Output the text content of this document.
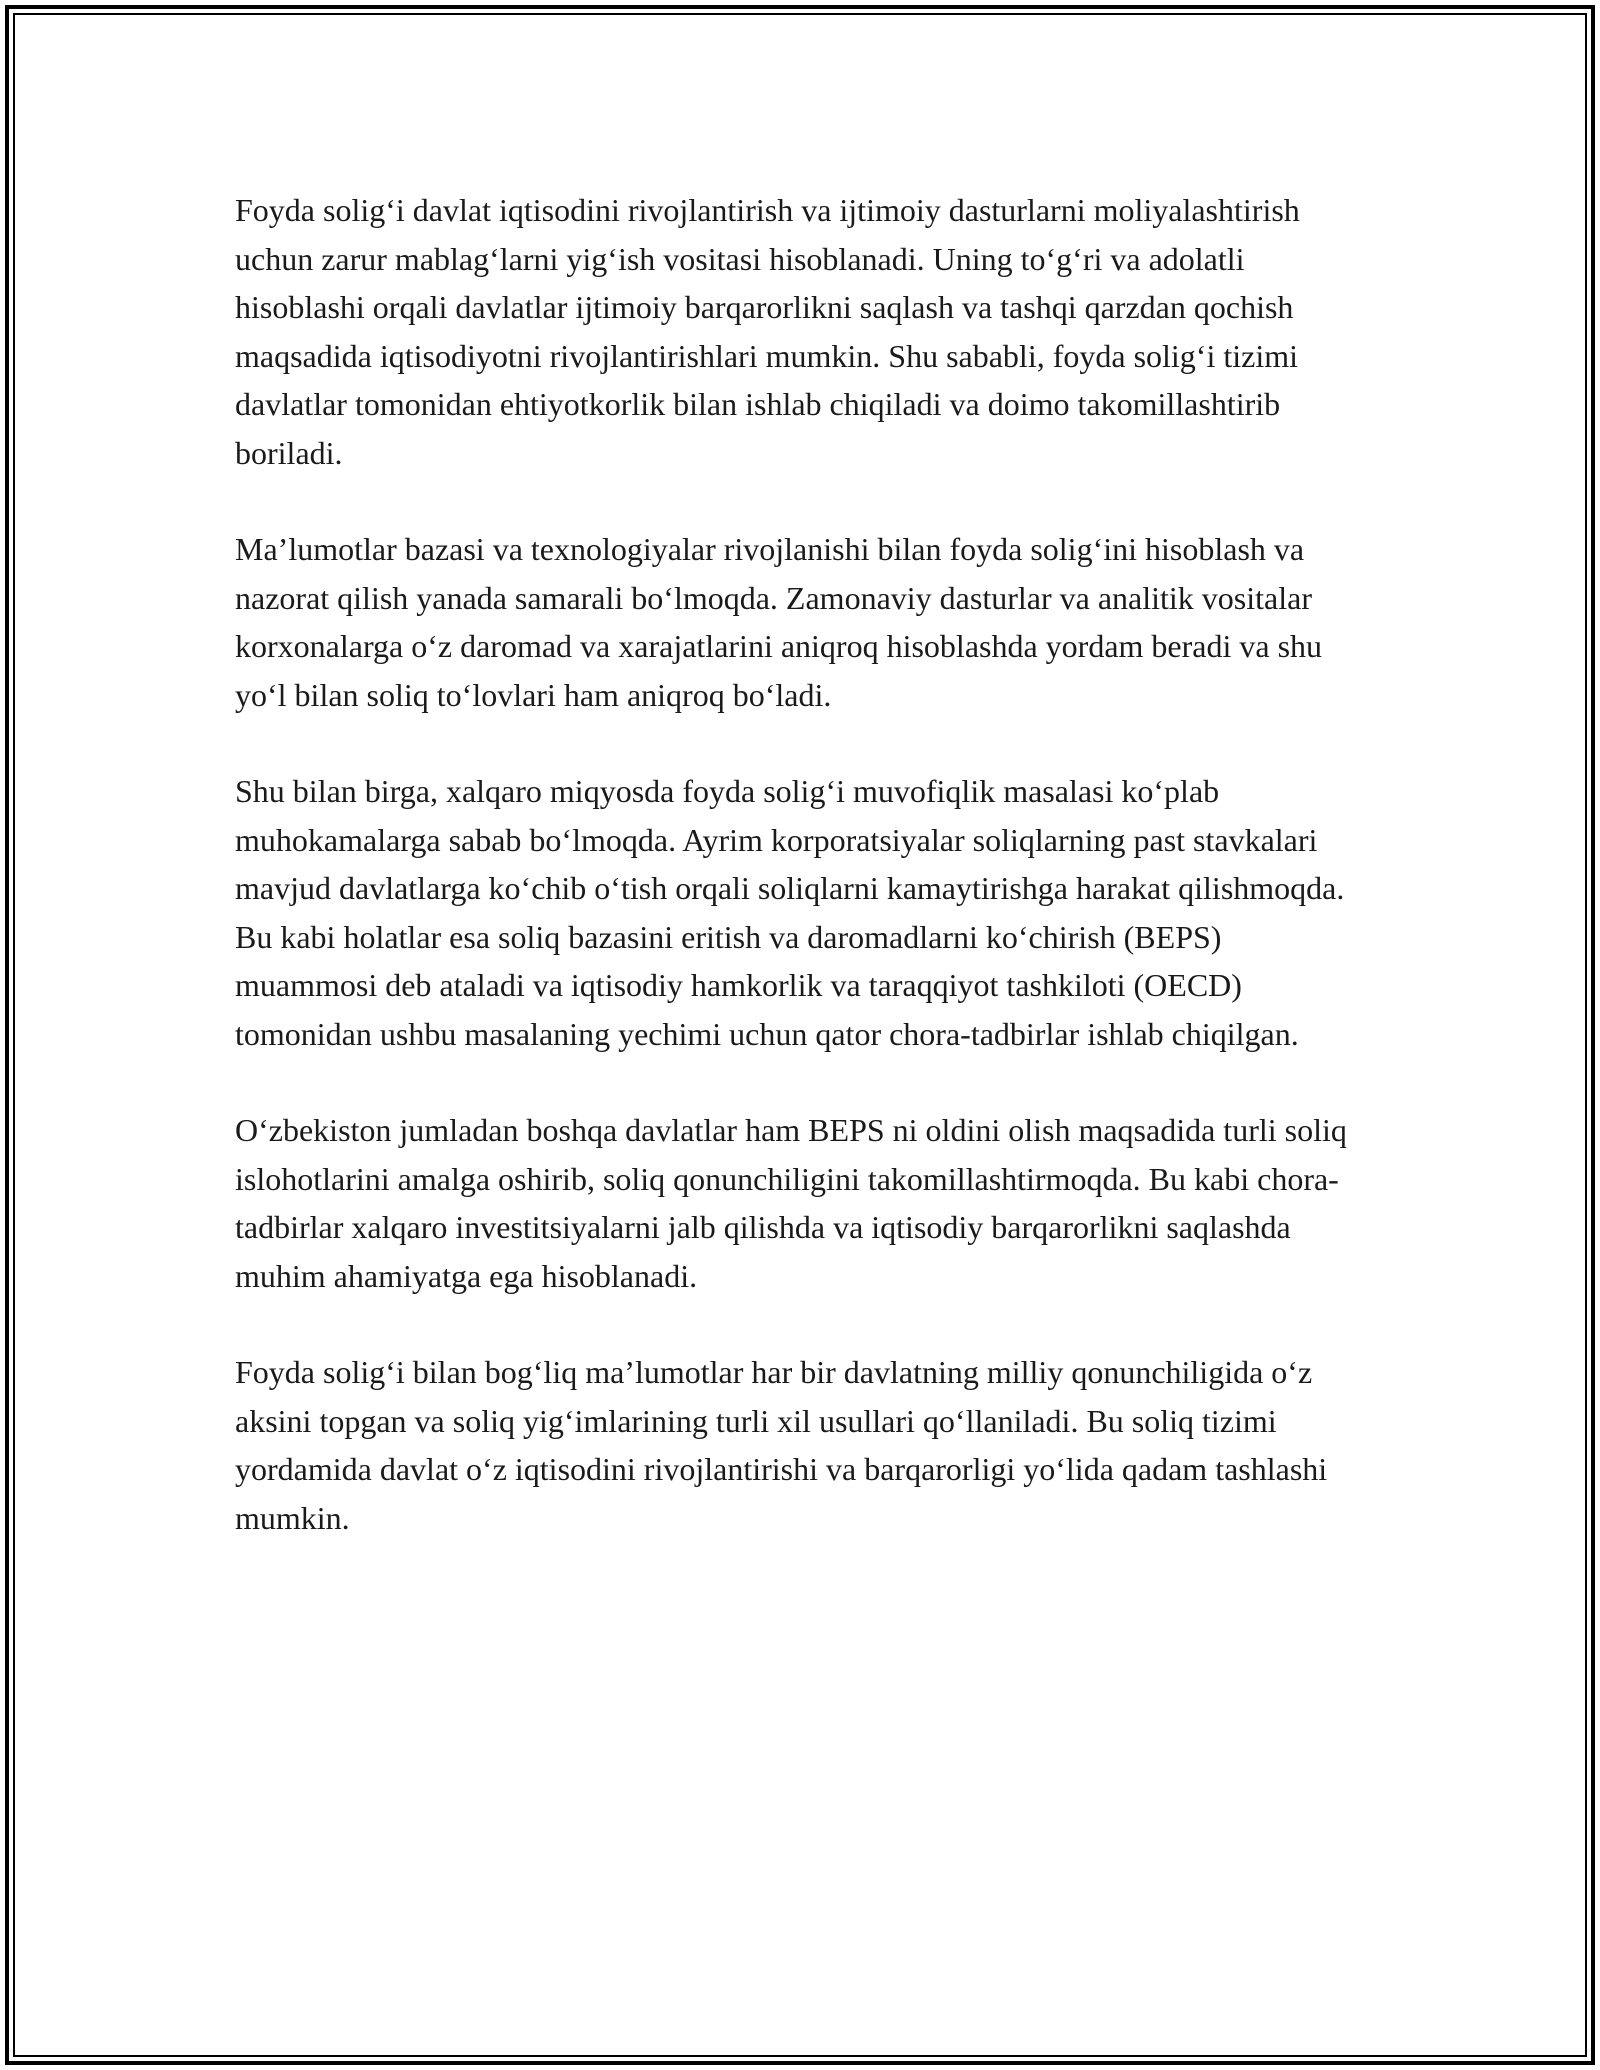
Foyda solig‘i davlat iqtisodini rivojlantirish va ijtimoiy dasturlarni moliyalashtirish uchun zarur mablag‘larni yig‘ish vositasi hisoblanadi. Uning to‘g‘ri va adolatli hisoblashi orqali davlatlar ijtimoiy barqarorlikni saqlash va tashqi qarzdan qochish maqsadida iqtisodiyotni rivojlantirishlari mumkin. Shu sababli, foyda solig‘i tizimi davlatlar tomonidan ehtiyotkorlik bilan ishlab chiqiladi va doimo takomillashtirib boriladi.

Ma’lumotlar bazasi va texnologiyalar rivojlanishi bilan foyda solig‘ini hisoblash va nazorat qilish yanada samarali bo‘lmoqda. Zamonaviy dasturlar va analitik vositalar korxonalarga o‘z daromad va xarajatlarini aniqroq hisoblashda yordam beradi va shu yo‘l bilan soliq to‘lovlari ham aniqroq bo‘ladi.

Shu bilan birga, xalqaro miqyosda foyda solig‘i muvofiqlik masalasi ko‘plab muhokamalarga sabab bo‘lmoqda. Ayrim korporatsiyalar soliqlarning past stavkalari mavjud davlatlarga ko‘chib o‘tish orqali soliqlarni kamaytirishga harakat qilishmoqda. Bu kabi holatlar esa soliq bazasini eritish va daromadlarni ko‘chirish (BEPS) muammosi deb ataladi va iqtisodiy hamkorlik va taraqqiyot tashkiloti (OECD) tomonidan ushbu masalaning yechimi uchun qator chora-tadbirlar ishlab chiqilgan.

O‘zbekiston jumladan boshqa davlatlar ham BEPS ni oldini olish maqsadida turli soliq islohotlarini amalga oshirib, soliq qonunchiligini takomillashtirmoqda. Bu kabi chora-tadbirlar xalqaro investitsiyalarni jalb qilishda va iqtisodiy barqarorlikni saqlashda muhim ahamiyatga ega hisoblanadi.

Foyda solig‘i bilan bog‘liq ma’lumotlar har bir davlatning milliy qonunchiligida o‘z aksini topgan va soliq yig‘imlarining turli xil usullari qo‘llaniladi. Bu soliq tizimi yordamida davlat o‘z iqtisodini rivojlantirishi va barqarorligi yo‘lida qadam tashlashi mumkin.
